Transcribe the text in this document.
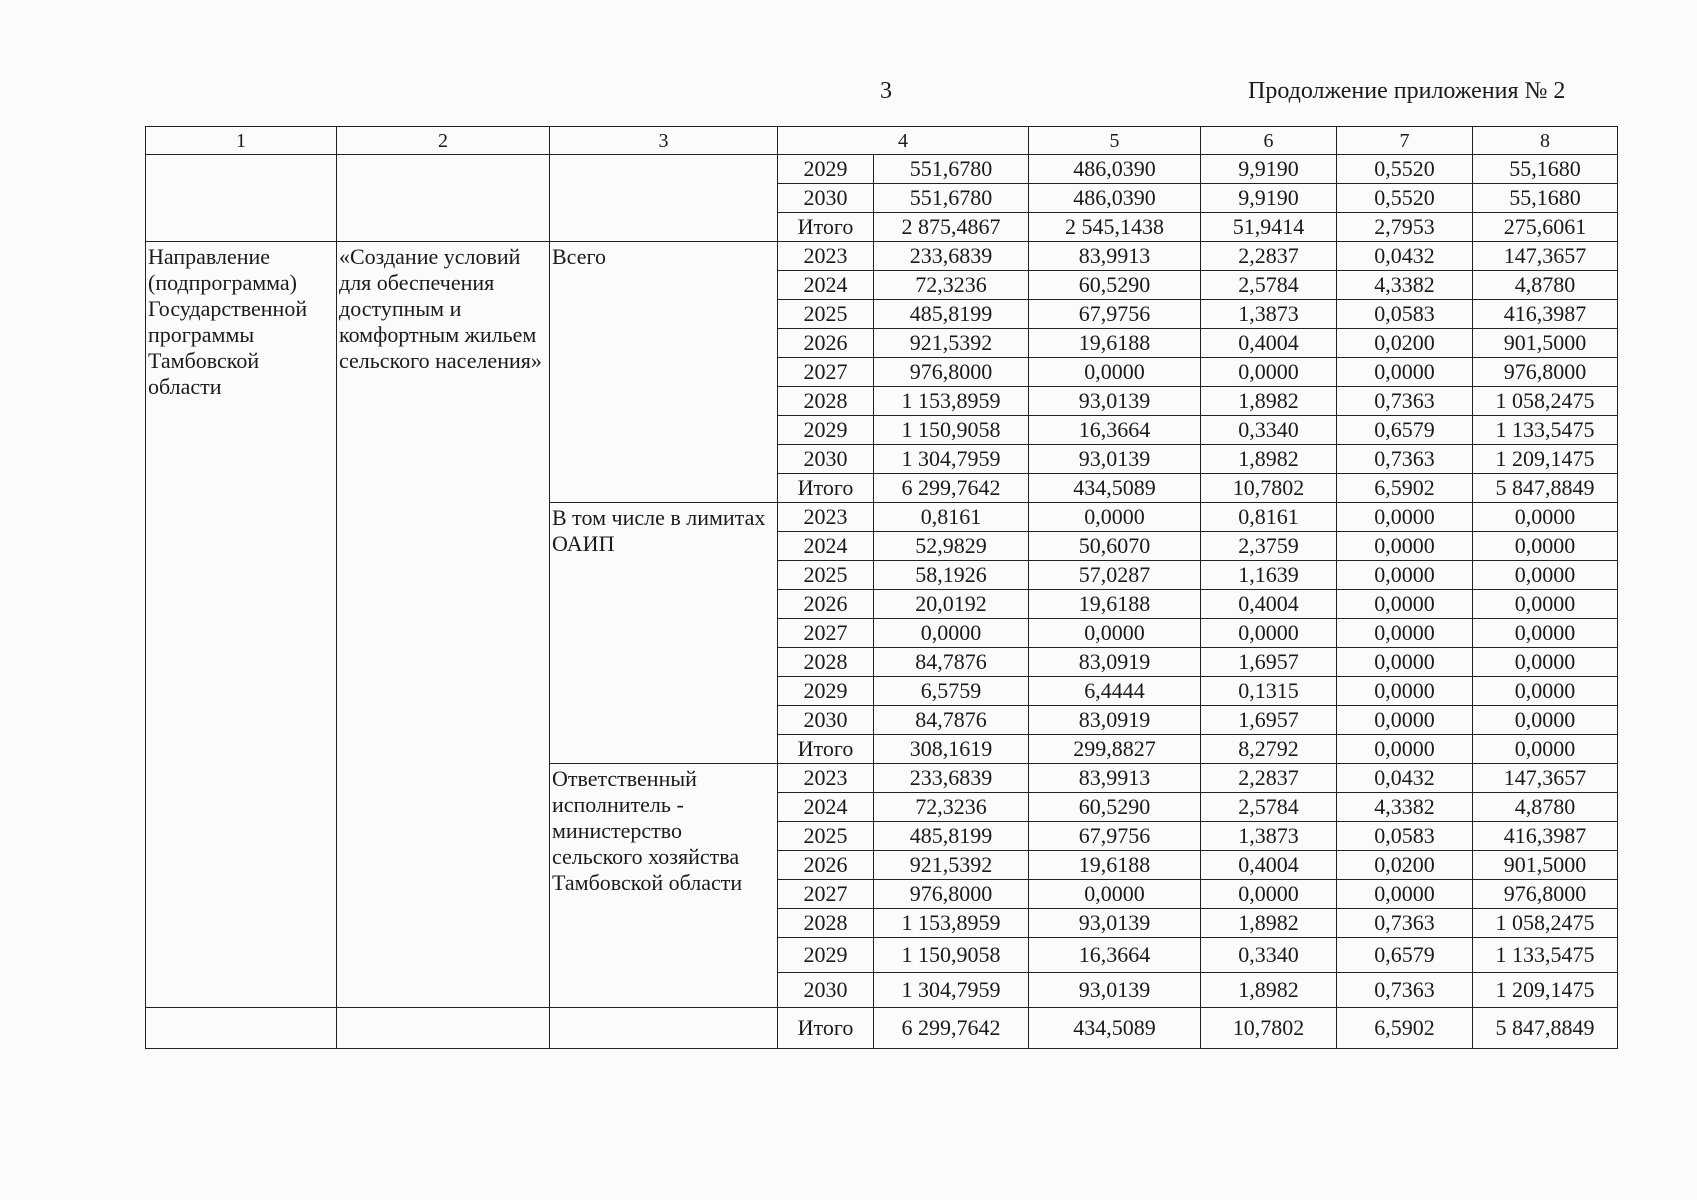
3	Продолжение приложения № 2
1	2	3	4		5	6	7	8
			2029	551,6780	486,0390	9,9190	0,5520	55,1680
			2030	551,6780	486,0390	9,9190	0,5520	55,1680
			Итого	2 875,4867	2 545,1438	51,9414	2,7953	275,6061
Направление (подпрограмма) Государственной программы Тамбовской области	«Создание условий для обеспечения доступным и комфортным жильем сельского населения»	Всего	2023	233,6839	83,9913	2,2837	0,0432	147,3657
			2024	72,3236	60,5290	2,5784	4,3382	4,8780
			2025	485,8199	67,9756	1,3873	0,0583	416,3987
			2026	921,5392	19,6188	0,4004	0,0200	901,5000
			2027	976,8000	0,0000	0,0000	0,0000	976,8000
			2028	1 153,8959	93,0139	1,8982	0,7363	1 058,2475
			2029	1 150,9058	16,3664	0,3340	0,6579	1 133,5475
			2030	1 304,7959	93,0139	1,8982	0,7363	1 209,1475
			Итого	6 299,7642	434,5089	10,7802	6,5902	5 847,8849
		В том числе в лимитах ОАИП	2023	0,8161	0,0000	0,8161	0,0000	0,0000
			2024	52,9829	50,6070	2,3759	0,0000	0,0000
			2025	58,1926	57,0287	1,1639	0,0000	0,0000
			2026	20,0192	19,6188	0,4004	0,0000	0,0000
			2027	0,0000	0,0000	0,0000	0,0000	0,0000
			2028	84,7876	83,0919	1,6957	0,0000	0,0000
			2029	6,5759	6,4444	0,1315	0,0000	0,0000
			2030	84,7876	83,0919	1,6957	0,0000	0,0000
			Итого	308,1619	299,8827	8,2792	0,0000	0,0000
		Ответственный исполнитель - министерство сельского хозяйства Тамбовской области	2023	233,6839	83,9913	2,2837	0,0432	147,3657
			2024	72,3236	60,5290	2,5784	4,3382	4,8780
			2025	485,8199	67,9756	1,3873	0,0583	416,3987
			2026	921,5392	19,6188	0,4004	0,0200	901,5000
			2027	976,8000	0,0000	0,0000	0,0000	976,8000
			2028	1 153,8959	93,0139	1,8982	0,7363	1 058,2475
			2029	1 150,9058	16,3664	0,3340	0,6579	1 133,5475
			2030	1 304,7959	93,0139	1,8982	0,7363	1 209,1475
			Итого	6 299,7642	434,5089	10,7802	6,5902	5 847,8849
